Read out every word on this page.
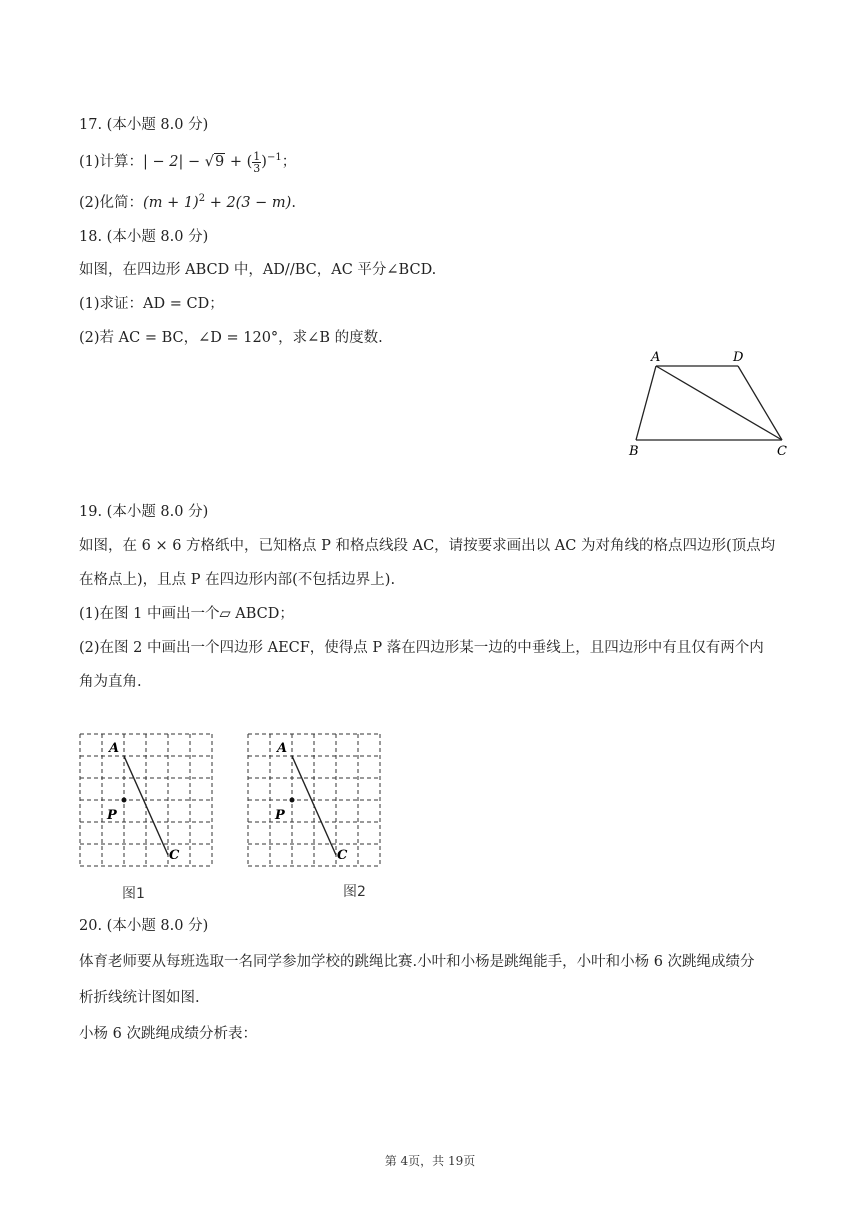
17. (本小题 8.0 分)
(1)计算：| − 2| − √9 + ( $\frac{1}{3} )^{-1}$；
(2)化简：$(m + 1)^2 + 2(3 - m)$.
18. (本小题 8.0 分)
如图，在四边形 ABCD 中，AD//BC，AC 平分∠BCD.
(1)求证：AD = CD；
(2)若 AC = BC，∠D = 120°，求∠B 的度数.
A	D
B	C
19. (本小题 8.0 分)
如图，在 6 × 6 方格纸中，已知格点 P 和格点线段 AC，请按要求画出以 AC 为对角线的格点四边形(顶点均
在格点上)，且点 P 在四边形内部(不包括边界上).
(1)在图 1 中画出一个▱ ABCD；
(2)在图 2 中画出一个四边形 AECF，使得点 P 落在四边形某一边的中垂线上，且四边形中有且仅有两个内
角为直角.
A
P
C
图1
A
P
C
图2
20. (本小题 8.0 分)
体育老师要从每班选取一名同学参加学校的跳绳比赛.小叶和小杨是跳绳能手，小叶和小杨 6 次跳绳成绩分
析折线统计图如图.
小杨 6 次跳绳成绩分析表：
第 4页，共 19页
